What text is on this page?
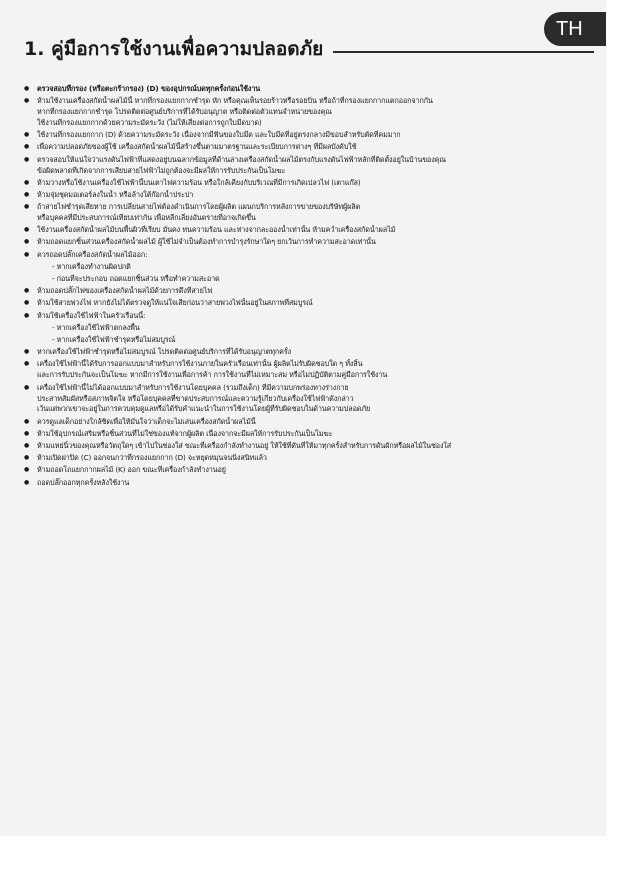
TH
1. คู่มือการใช้งานเพื่อความปลอดภัย
● ตรวจสอบที่กรอง (หรือตะกร้ากรอง) (D) ของอุปกรณ์บดทุกครั้งก่อนใช้งาน
● ห้ามใช้งานเครื่องสกัดน้ำผลไม้นี้ หากที่กรองแยกกากชำรุด หัก หรือคุณเห็นรอยร้าวหรือรอยบิ่น หรือถ้าที่กรองแยกกากแตกออกจากกัน
หากที่กรองแยกกากชำรุด โปรดติดต่อศูนย์บริการที่ได้รับอนุญาต หรือติดต่อตัวแทนจำหน่ายของคุณ
ใช้งานที่กรองแยกกากด้วยความระมัดระวัง (ไม่ให้เสี่ยงต่อการถูกใบมีดบาด)
● ใช้งานที่กรองแยกกาก (D) ด้วยความระมัดระวัง เนื่องจากมีฟันของใบมีด และใบมีดที่อยู่ตรงกลางมีขอบสำหรับตัดที่คมมาก
● เพื่อความปลอดภัยของผู้ใช้ เครื่องสกัดน้ำผลไม้นี้สร้างขึ้นตามมาตรฐานและระเบียบการต่างๆ ที่มีผลบังคับใช้
● ตรวจสอบให้แน่ใจว่าแรงดันไฟฟ้าที่แสดงอยู่บนฉลากข้อมูลที่ด้านล่างเครื่องสกัดน้ำผลไม้ตรงกับแรงดันไฟฟ้าหลักที่ติดตั้งอยู่ในบ้านของคุณ
ข้อผิดพลาดที่เกิดจากการเสียบสายไฟฟ้าไม่ถูกต้องจะมีผลให้การรับประกันเป็นโมฆะ
● ห้ามวางหรือใช้งานเครื่องใช้ไฟฟ้านี้บนเตาไฟความร้อน หรือใกล้เคียงกับบริเวณที่มีการเกิดเปลวไฟ (เตาแก๊ส)
● ห้ามจุ่มชุดมอเตอร์ลงในน้ำ หรือล้างใต้ก๊อกน้ำประปา
● ถ้าสายไฟชำรุดเสียหาย การเปลี่ยนสายไฟต้องดำเนินการโดยผู้ผลิต แผนกบริการหลังการขายของบริษัทผู้ผลิต
หรือบุคคลที่มีประสบการณ์เทียบเท่ากัน เพื่อหลีกเลี่ยงอันตรายที่อาจเกิดขึ้น
● ใช้งานเครื่องสกัดน้ำผลไม้บนพื้นผิวที่เรียบ มั่นคง ทนความร้อน และห่างจากละอองน้ำเท่านั้น ห้ามคว่ำเครื่องสกัดน้ำผลไม้
● ห้ามถอดแยกชิ้นส่วนเครื่องสกัดน้ำผลไม้ ผู้ใช้ไม่จำเป็นต้องทำการบำรุงรักษาใดๆ ยกเว้นการทำความสะอาดเท่านั้น
● ควรถอดปลั๊กเครื่องสกัดน้ำผลไม้ออก:
- หากเครื่องทำงานผิดปกติ
- ก่อนที่จะประกอบ ถอดแยกชิ้นส่วน หรือทำความสะอาด
● ห้ามถอดปลั๊กไฟของเครื่องสกัดน้ำผลไม้ด้วยการดึงที่สายไฟ
● ห้ามใช้สายพ่วงไฟ หากยังไม่ได้ตรวจดูให้แน่ใจเสียก่อนว่าสายพ่วงไฟนั้นอยู่ในสภาพที่สมบูรณ์
● ห้ามใช้เครื่องใช้ไฟฟ้าในครัวเรือนนี้:
- หากเครื่องใช้ไฟฟ้าตกลงพื้น
- หากเครื่องใช้ไฟฟ้าชำรุดหรือไม่สมบูรณ์
● หากเครื่องใช้ไฟฟ้าชำรุดหรือไม่สมบูรณ์ โปรดติดต่อศูนย์บริการที่ได้รับอนุญาตทุกครั้ง
● เครื่องใช้ไฟฟ้านี้ได้รับการออกแบบมาสำหรับการใช้งานภายในครัวเรือนเท่านั้น ผู้ผลิตไม่รับผิดชอบใด ๆ ทั้งสิ้น
และการรับประกันจะเป็นโมฆะ หากมีการใช้งานเพื่อการค้า การใช้งานที่ไม่เหมาะสม หรือไม่ปฏิบัติตามคู่มือการใช้งาน
● เครื่องใช้ไฟฟ้านี้ไม่ได้ออกแบบมาสำหรับการใช้งานโดยบุคคล (รวมถึงเด็ก) ที่มีความบกพร่องทางร่างกาย
ประสาทสัมผัสหรือสภาพจิตใจ หรือโดยบุคคลที่ขาดประสบการณ์และความรู้เกี่ยวกับเครื่องใช้ไฟฟ้าดังกล่าว
เว้นแต่พวกเขาจะอยู่ในการควบคุมดูแลหรือได้รับคำแนะนำในการใช้งานโดยผู้ที่รับผิดชอบในด้านความปลอดภัย
● ควรดูแลเด็กอย่างใกล้ชิดเพื่อให้มั่นใจว่าเด็กจะไม่เล่นเครื่องสกัดน้ำผลไม้นี้
● ห้ามใช้อุปกรณ์เสริมหรือชิ้นส่วนที่ไม่ใช่ของแท้จากผู้ผลิต เนื่องจากจะมีผลให้การรับประกันเป็นโมฆะ
● ห้ามแหย่นิ้วของคุณหรือวัตถุใดๆ เข้าไปในช่องใส่ ขณะที่เครื่องกำลังทำงานอยู่ ให้ใช้ที่ดันที่ให้มาทุกครั้งสำหรับการดันผักหรือผลไม้ในช่องใส่
● ห้ามเปิดฝาปิด (C) ออกจนกว่าที่กรองแยกกาก (D) จะหยุดหมุนจนนิ่งสนิทแล้ว
● ห้ามถอดโถแยกกากผลไม้ (K) ออก ขณะที่เครื่องกำลังทำงานอยู่
● ถอดปลั๊กออกทุกครั้งหลังใช้งาน
